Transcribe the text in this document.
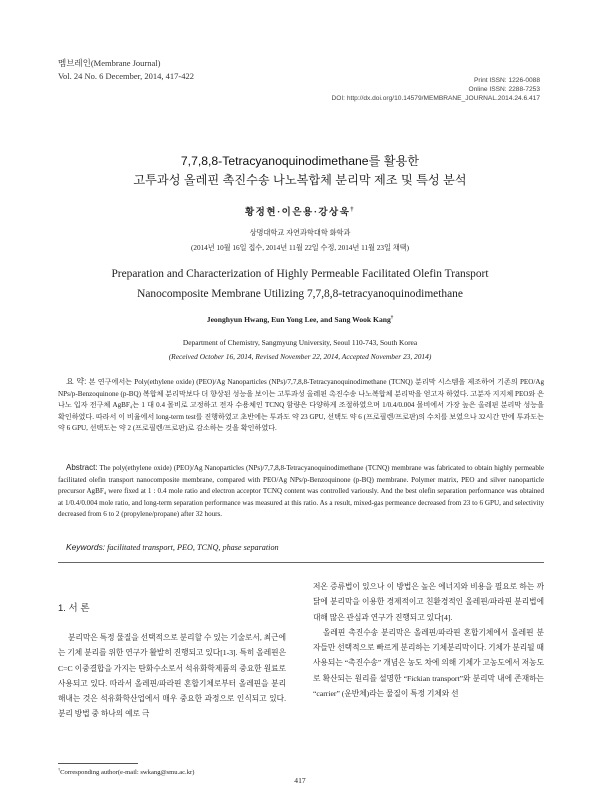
멤브레인(Membrane Journal)
Vol. 24 No. 6 December, 2014, 417-422	Print ISSN: 1226-0088
Online ISSN: 2288-7253
DOI: http://dx.doi.org/10.14579/MEMBRANE_JOURNAL.2014.24.6.417
7,7,8,8-Tetracyanoquinodimethane를 활용한
고투과성 올레핀 촉진수송 나노복합체 분리막 제조 및 특성 분석
황정현·이은용·강상욱†
상명대학교 자연과학대학 화학과
(2014년 10월 16일 접수, 2014년 11월 22일 수정, 2014년 11월 23일 채택)
Preparation and Characterization of Highly Permeable Facilitated Olefin Transport
Nanocomposite Membrane Utilizing 7,7,8,8-tetracyanoquinodimethane
Jeonghyun Hwang, Eun Yong Lee, and Sang Wook Kang†
Department of Chemistry, Sangmyung University, Seoul 110-743, South Korea
(Received October 16, 2014, Revised November 22, 2014, Accepted November 23, 2014)
요 약: 본 연구에서는 Poly(ethylene oxide) (PEO)/Ag Nanoparticles (NPs)/7,7,8,8-Tetracyanoquinodimethane (TCNQ) 분리막 시스템을 제조하여 기존의 PEO/Ag NPs/p-Benzoquinone (p-BQ) 복합체 분리막보다 더 향상된 성능을 보이는 고투과성 올레핀 촉진수송 나노복합체 분리막을 얻고자 하였다. 고분자 지지체 PEO와 은 나노 입자 전구체 AgBF₄는 1 대 0.4 몰비로 고정하고 전자 수용체인 TCNQ 함량은 다양하게 조절하였으며 1/0.4/0.004 몰비에서 가장 높은 올레핀 분리막 성능을 확인하였다. 따라서 이 비율에서 long-term test를 진행하였고 초반에는 투과도 약 23 GPU, 선택도 약 6 (프로필렌/프로판)의 수치를 보였으나 32시간 만에 투과도는 약 6 GPU, 선택도는 약 2 (프로필렌/프로판)로 감소하는 것을 확인하였다.
Abstract: The poly(ethylene oxide) (PEO)/Ag Nanoparticles (NPs)/7,7,8,8-Tetracyanoquinodimethane (TCNQ) membrane was fabricated to obtain highly permeable facilitated olefin transport nanocomposite membrane, compared with PEO/Ag NPs/p-Benzoquinone (p-BQ) membrane. Polymer matrix, PEO and silver nanoparticle precursor AgBF₄ were fixed at 1 : 0.4 mole ratio and electron acceptor TCNQ content was controlled variously. And the best olefin separation performance was obtained at 1/0.4/0.004 mole ratio, and long-term separation performance was measured at this ratio. As a result, mixed-gas permeance decreased from 23 to 6 GPU, and selectivity decreased from 6 to 2 (propylene/propane) after 32 hours.
Keywords: facilitated transport, PEO, TCNQ, phase separation
1. 서 론
분리막은 특정 물질을 선택적으로 분리할 수 있는 기술로서, 최근에는 기체 분리를 위한 연구가 활발히 진행되고 있다[1-3]. 특히 올레핀은 C=C 이중결합을 가지는 탄화수소로서 석유화학제품의 중요한 원료로 사용되고 있다. 따라서 올레핀/파라핀 혼합기체로부터 올레핀을 분리해내는 것은 석유화학산업에서 매우 중요한 과정으로 인식되고 있다. 분리 방법 중 하나의 예로 극

저온 증류법이 있으나 이 방법은 높은 에너지와 비용을 필요로 하는 까닭에 분리막을 이용한 경제적이고 친환경적인 올레핀/파라핀 분리법에 대해 많은 관심과 연구가 진행되고 있다[4].

올레핀 촉진수송 분리막은 올레핀/파라핀 혼합기체에서 올레핀 분자들만 선택적으로 빠르게 분리하는 기체분리막이다. 기체가 분리될 때 사용되는 “촉진수송” 개념은 농도 차에 의해 기체가 고농도에서 저농도로 확산되는 원리를 설명한 “Fickian transport”와 분리막 내에 존재하는 “carrier” (운반체)라는 물질이 특정 기체와 선

†Corresponding author(e-mail: swkang@smu.ac.kr)
417
